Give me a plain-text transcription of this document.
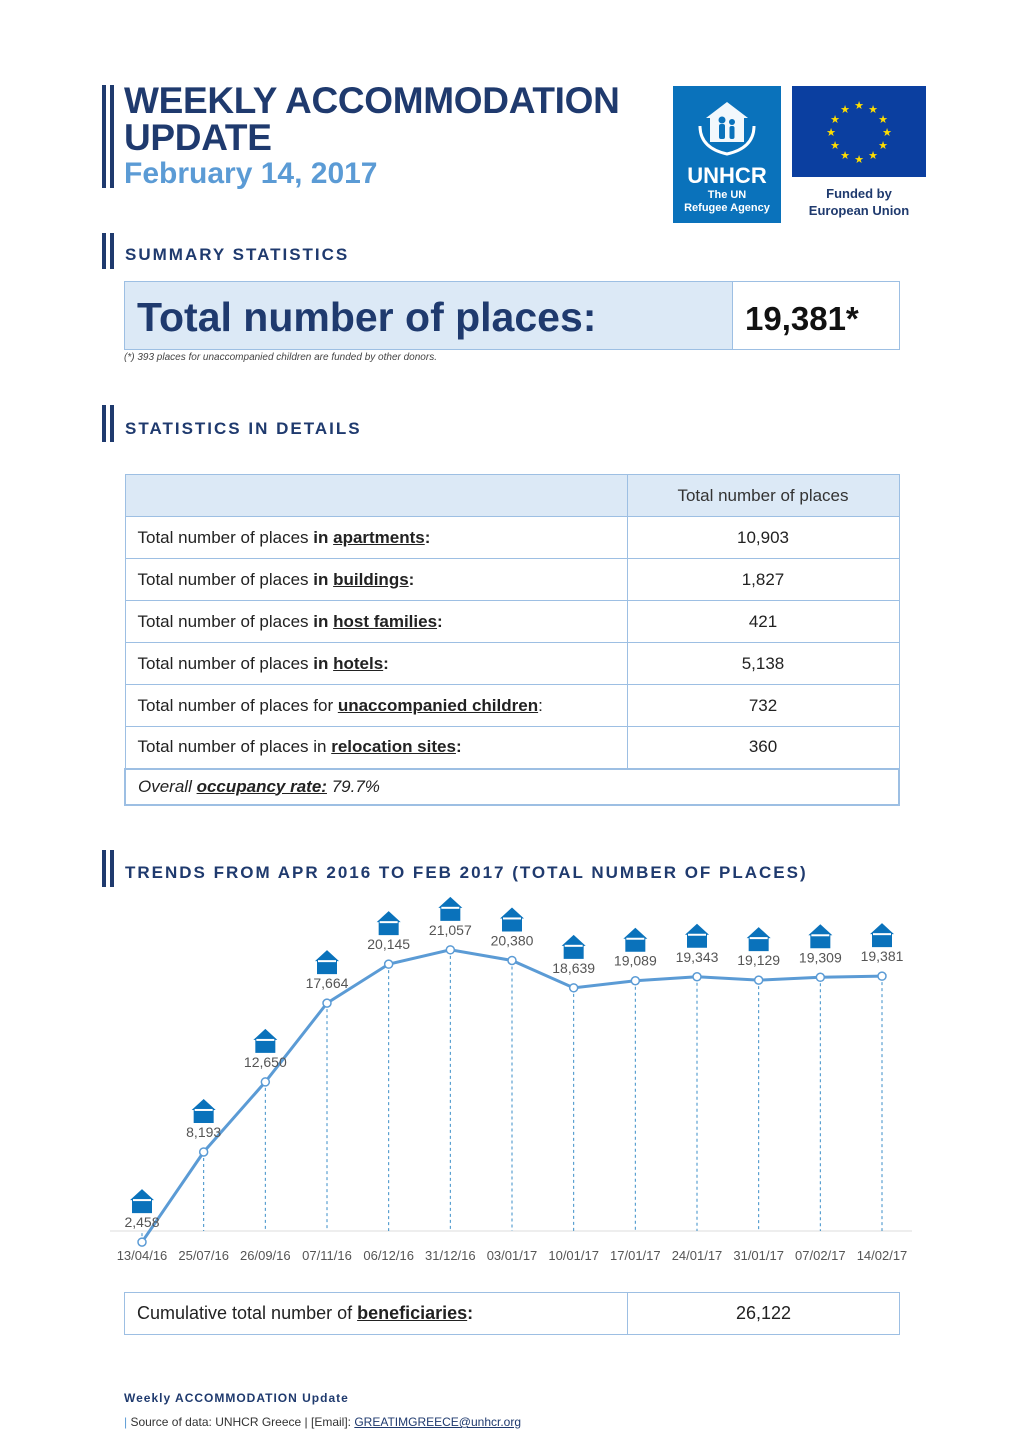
WEEKLY ACCOMMODATION UPDATE
February 14, 2017	UNHCR
The UN
Refugee Agency
★ ★
★
★
★
★
★
★
★
★
★
★
Funded by
European Union
SUMMARY STATISTICS
Total number of places:	19,381*
(*) 393 places for unaccompanied children are funded by other donors.
STATISTICS IN DETAILS
	Total number of places
Total number of places in apartments:	10,903
Total number of places in buildings:	1,827
Total number of places in host families:	421
Total number of places in hotels:	5,138
Total number of places for unaccompanied children:	732
Total number of places in relocation sites:	360
Overall occupancy rate: 79.7%	
TRENDS FROM APR 2016 TO FEB 2017 (TOTAL NUMBER OF PLACES)
2,458
8,193
12,650
17,664
20,145
21,057
20,380
18,639 19,089 19,343 19,129 19,309 19,381
13/04/16 25/07/16 26/09/16 07/11/16 06/12/16 31/12/16 03/01/17 10/01/17 17/01/17 24/01/17 31/01/17 07/02/17 14/02/17
Cumulative total number of beneficiaries:	26,122
Weekly ACCOMMODATION Update
| Source of data: UNHCR Greece | [Email]: GREATIMGREECE@unhcr.org
